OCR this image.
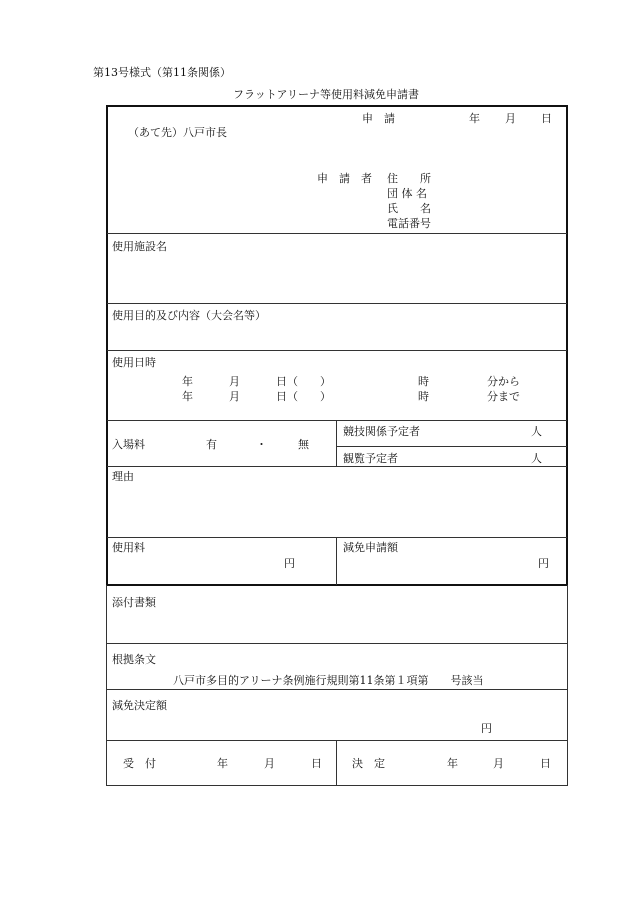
第13号様式（第11条関係）
フラットアリーナ等使用料減免申請書
申　請	年 月 日
（あて先）八戸市長
申　請　者 住　　所
団 体 名
氏　　名
電話番号
使用施設名
使用目的及び内容（大会名等）
使用日時
年	月	日（　　）	時	分から
年	月	日（　　）	時	分まで
入場料	有	・	無
競技関係予定者	人
観覧予定者	人
理由
使用料
円
減免申請額
円
添付書類
根拠条文
八戸市多目的アリーナ条例施行規則第11条第１項第　　号該当
減免決定額
円
受　付	年	月	日	決　定	年	月	日
